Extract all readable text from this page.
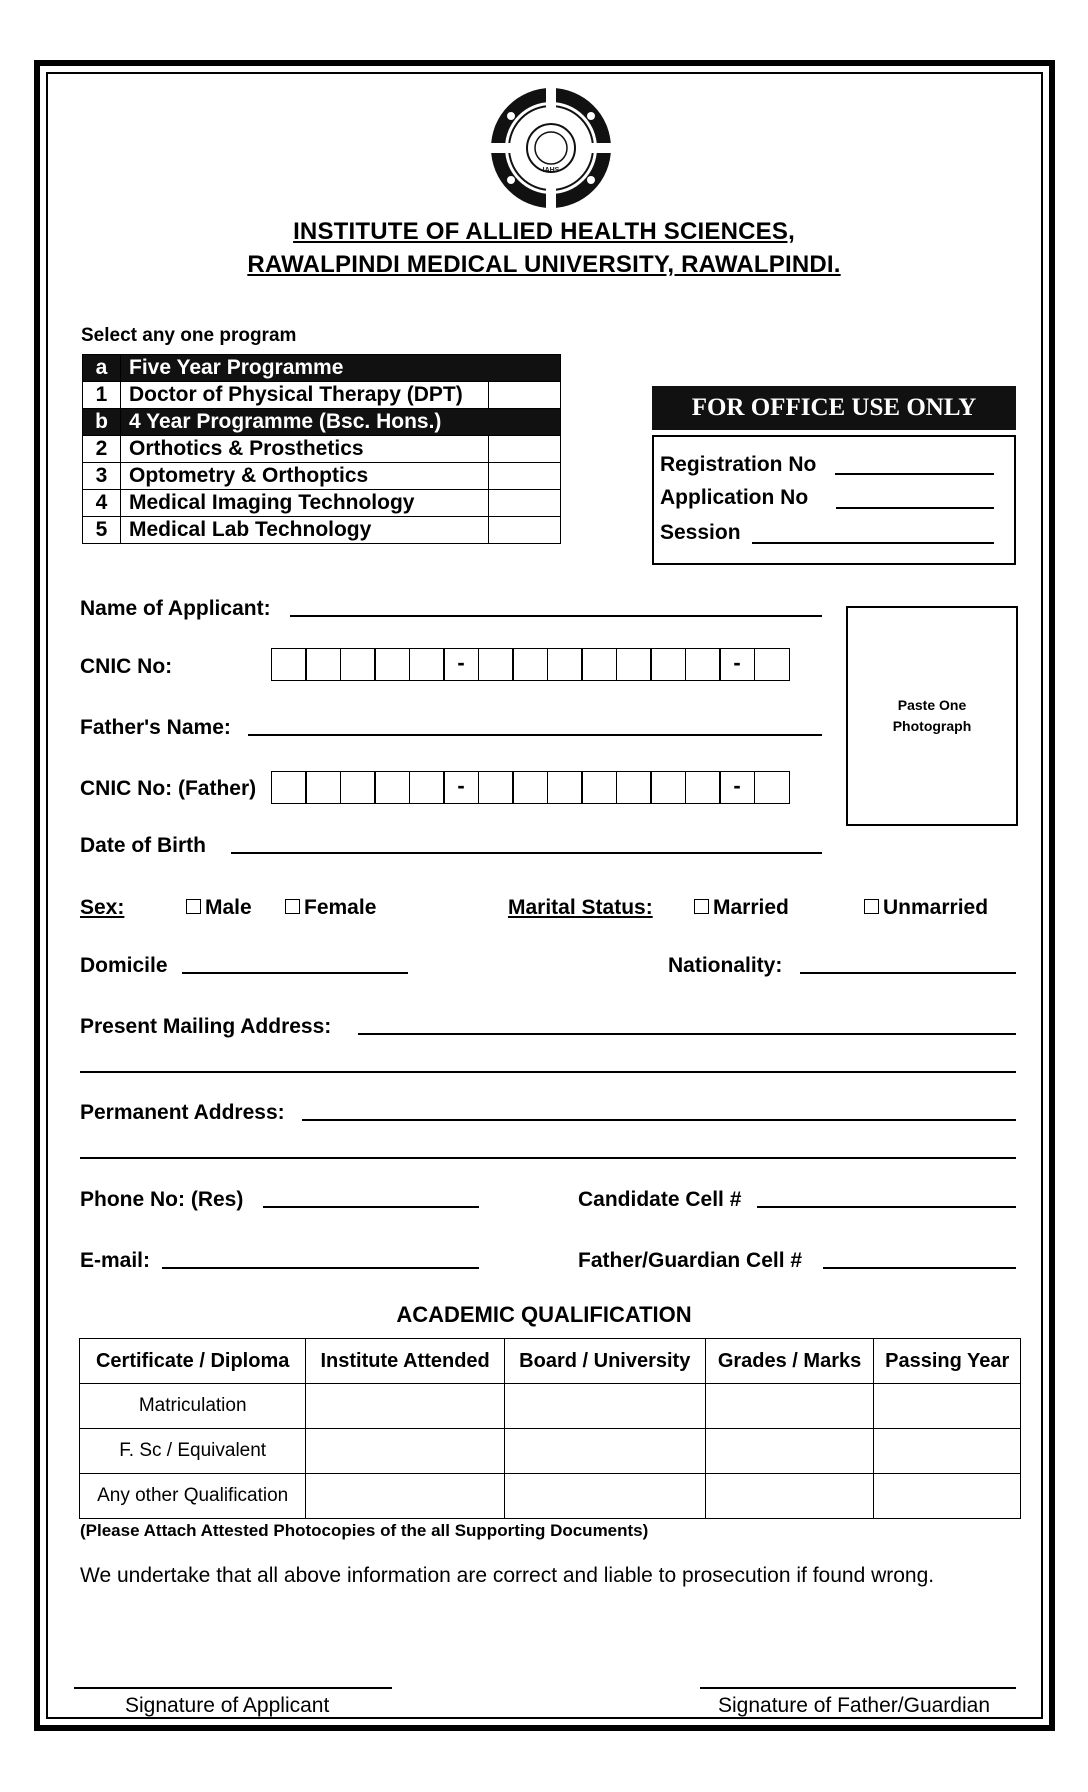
IAHS
INSTITUTE OF ALLIED HEALTH SCIENCES,
RAWALPINDI MEDICAL UNIVERSITY, RAWALPINDI.
Select any one program
a	Five Year Programme	
1	Doctor of Physical Therapy (DPT)	
b	4 Year Programme (Bsc. Hons.)	
2	Orthotics & Prosthetics	
3	Optometry & Orthoptics	
4	Medical Imaging Technology	
5	Medical Lab Technology	
FOR OFFICE USE ONLY
Registration No
Application No
Session
Name of Applicant:
CNIC No:	-	-
Paste One
Photograph
Father's Name:
CNIC No: (Father)	-	-
Date of Birth
Sex:	Male	Female	Marital Status:	Married	Unmarried
Domicile	Nationality:
Present Mailing Address:
Permanent Address:
Phone No: (Res)	Candidate Cell #
E-mail:	Father/Guardian Cell #
ACADEMIC QUALIFICATION
Certificate / Diploma	Institute Attended	Board / University	Grades / Marks	Passing Year
Matriculation				
F. Sc / Equivalent				
Any other Qualification				
(Please Attach Attested Photocopies of the all Supporting Documents)
We undertake that all above information are correct and liable to prosecution if found wrong.
Signature of Applicant	Signature of Father/Guardian
